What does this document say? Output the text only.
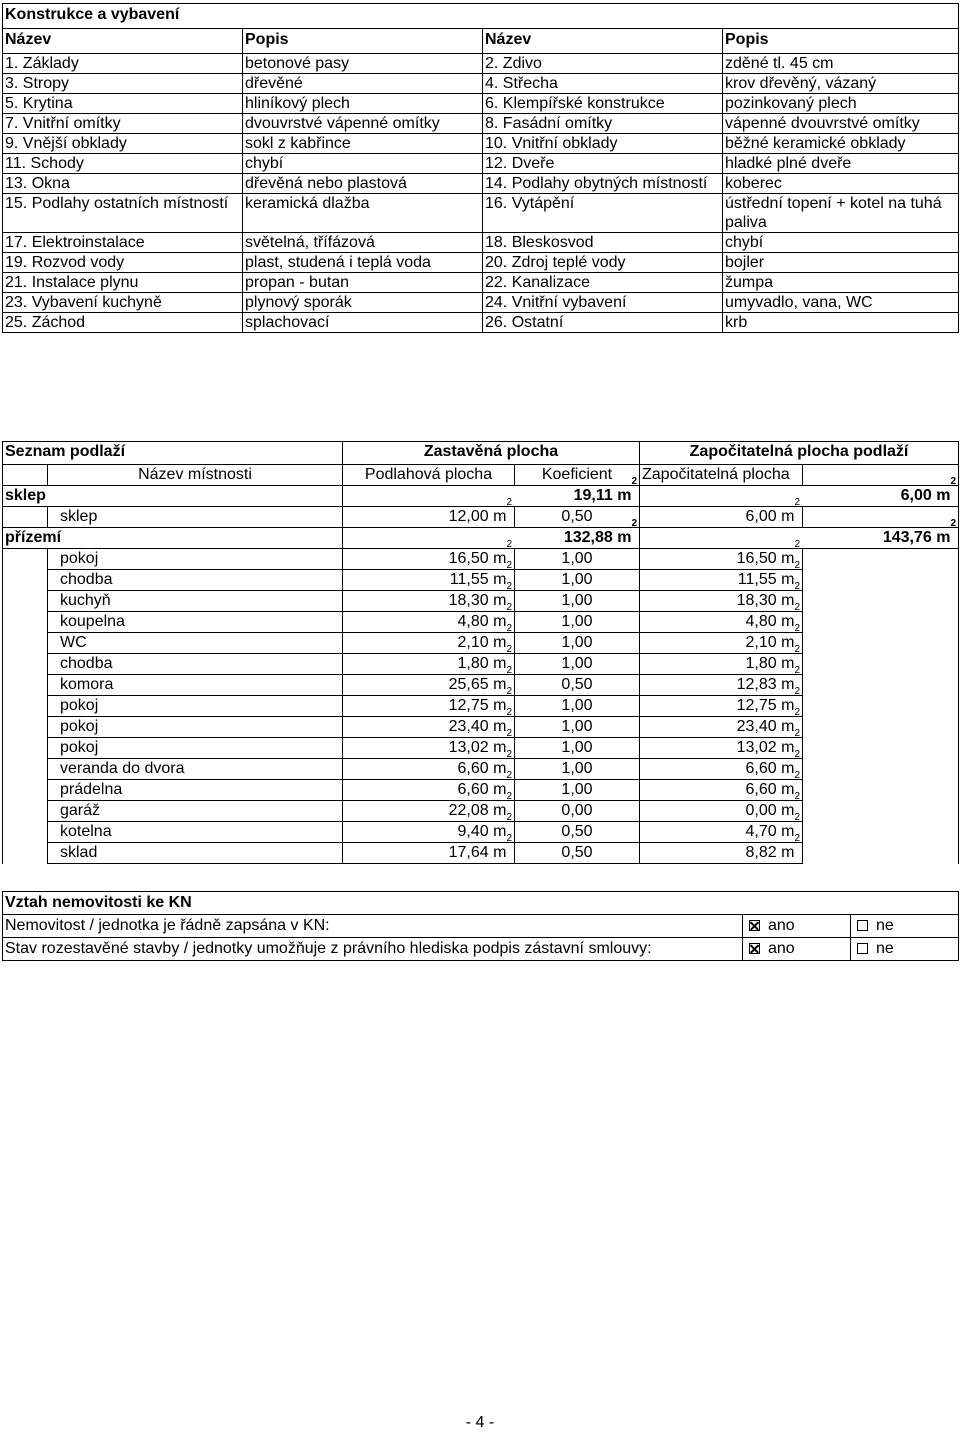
Konstrukce a vybavení			
Název	Popis	Název	Popis
1. Základy	betonové pasy	2. Zdivo	zděné tl. 45 cm
3. Stropy	dřevěné	4. Střecha	krov dřevěný, vázaný
5. Krytina	hliníkový plech	6. Klempířské konstrukce	pozinkovaný plech
7. Vnitřní omítky	dvouvrstvé vápenné omítky	8. Fasádní omítky	vápenné dvouvrstvé omítky
9. Vnější obklady	sokl z kabřince	10. Vnitřní obklady	běžné keramické obklady
11. Schody	chybí	12. Dveře	hladké plné dveře
13. Okna	dřevěná nebo plastová	14. Podlahy obytných místností	koberec
15. Podlahy ostatních místností	keramická dlažba	16. Vytápění	ústřední topení + kotel na tuhá paliva
17. Elektroinstalace	světelná, třífázová	18. Bleskosvod	chybí
19. Rozvod vody	plast, studená i teplá voda	20. Zdroj teplé vody	bojler
21. Instalace plynu	propan - butan	22. Kanalizace	žumpa
23. Vybavení kuchyně	plynový sporák	24. Vnitřní vybavení	umyvadlo, vana, WC
25. Záchod	splachovací	26. Ostatní	krb
Seznam podlaží		Zastavěná plocha		Započitatelná plocha podlaží	
	Název místnosti	Podlahová plocha	Koeficient	Započitatelná plocha	
sklep		19,11 $m^2$		6,00 $m^2$
	sklep	12,00 $m^2$	0,50	6,00 $m^2$	
přízemí		132,88 $m^2$		143,76 $m^2$
	pokoj	16,50 $m^2$	1,00	16,50 $m^2$	
	chodba	11,55 $m^2$	1,00	11,55 $m^2$	
	kuchyň	18,30 $m^2$	1,00	18,30 $m^2$	
	koupelna	4,80 $m^2$	1,00	4,80 $m^2$	
	WC	2,10 $m^2$	1,00	2,10 $m^2$	
	chodba	1,80 $m^2$	1,00	1,80 $m^2$	
	komora	25,65 $m^2$	0,50	12,83 $m^2$	
	pokoj	12,75 $m^2$	1,00	12,75 $m^2$	
	pokoj	23,40 $m^2$	1,00	23,40 $m^2$	
	pokoj	13,02 $m^2$	1,00	13,02 $m^2$	
	veranda do dvora	6,60 $m^2$	1,00	6,60 $m^2$	
	prádelna	6,60 $m^2$	1,00	6,60 $m^2$	
	garáž	22,08 $m^2$	0,00	0,00 $m^2$	
	kotelna	9,40 $m^2$	0,50	4,70 $m^2$	
	sklad	17,64 $m^2$	0,50	8,82 $m^2$	
Vztah nemovitosti ke KN		
Nemovitost / jednotka je řádně zapsána v KN:	ano	ne
Stav rozestavěné stavby / jednotky umožňuje z právního hlediska podpis zástavní smlouvy:	ano	ne
- 4 -
